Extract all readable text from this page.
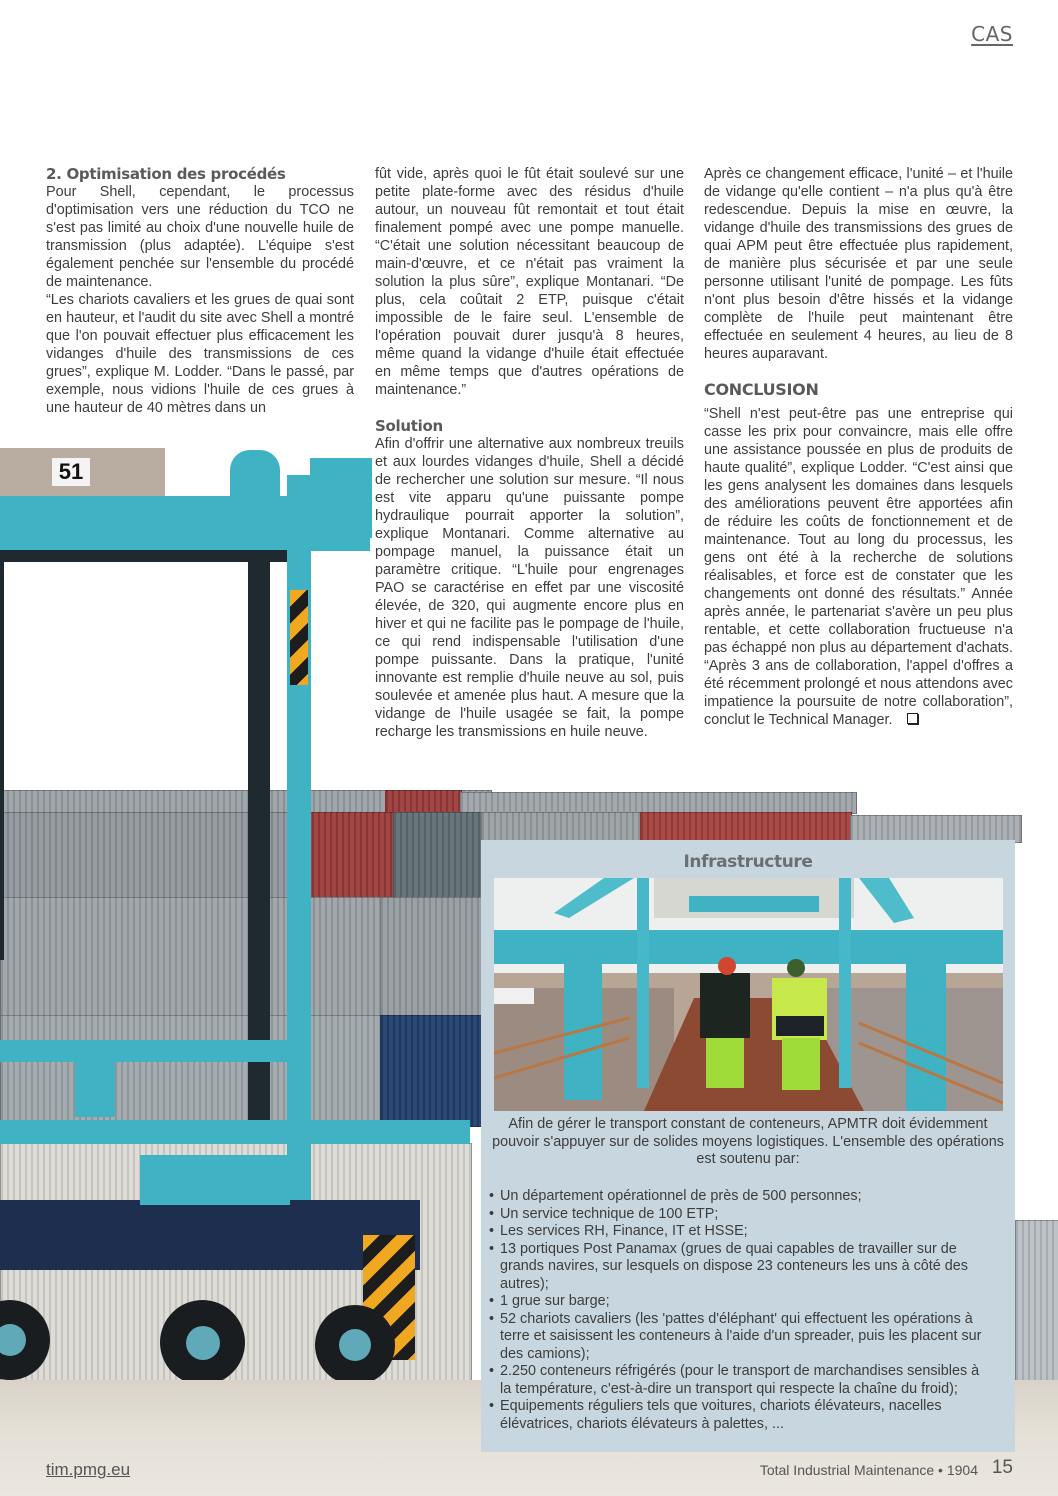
51
CAS

2. Optimisation des procédés

Pour Shell, cependant, le processus d'optimisation vers une réduction du TCO ne s'est pas limité au choix d'une nouvelle huile de transmission (plus adaptée). L'équipe s'est également penchée sur l'ensemble du procédé de maintenance.

“Les chariots cavaliers et les grues de quai sont en hauteur, et l'audit du site avec Shell a montré que l'on pouvait effectuer plus efficacement les vidanges d'huile des transmissions de ces grues”, explique M. Lodder. “Dans le passé, par exemple, nous vidions l'huile de ces grues à une hauteur de 40 mètres dans un

fût vide, après quoi le fût était soulevé sur une petite plate-forme avec des résidus d'huile autour, un nouveau fût remontait et tout était finalement pompé avec une pompe manuelle. “C'était une solution nécessitant beaucoup de main-d'œuvre, et ce n'était pas vraiment la solution la plus sûre”, explique Montanari. “De plus, cela coûtait 2 ETP, puisque c'était impossible de le faire seul. L'ensemble de l'opération pouvait durer jusqu'à 8 heures, même quand la vidange d'huile était effectuée en même temps que d'autres opérations de maintenance.”

Solution

Afin d'offrir une alternative aux nombreux treuils et aux lourdes vidanges d'huile, Shell a décidé de rechercher une solution sur mesure. “Il nous est vite apparu qu'une puissante pompe hydraulique pourrait apporter la solution”, explique Montanari. Comme alternative au pompage manuel, la puissance était un paramètre critique. “L'huile pour engrenages PAO se caractérise en effet par une viscosité élevée, de 320, qui augmente encore plus en hiver et qui ne facilite pas le pompage de l'huile, ce qui rend indispensable l'utilisation d'une pompe puissante. Dans la pratique, l'unité innovante est remplie d'huile neuve au sol, puis soulevée et amenée plus haut. A mesure que la vidange de l'huile usagée se fait, la pompe recharge les transmissions en huile neuve.

Après ce changement efficace, l'unité – et l'huile de vidange qu'elle contient – n'a plus qu'à être redescendue. Depuis la mise en œuvre, la vidange d'huile des transmissions des grues de quai APM peut être effectuée plus rapidement, de manière plus sécurisée et par une seule personne utilisant l'unité de pompage. Les fûts n'ont plus besoin d'être hissés et la vidange complète de l'huile peut maintenant être effectuée en seulement 4 heures, au lieu de 8 heures auparavant.

CONCLUSION

“Shell n'est peut-être pas une entreprise qui casse les prix pour convaincre, mais elle offre une assistance poussée en plus de produits de haute qualité”, explique Lodder. “C'est ainsi que les gens analysent les domaines dans lesquels des améliorations peuvent être apportées afin de réduire les coûts de fonctionnement et de maintenance. Tout au long du processus, les gens ont été à la recherche de solutions réalisables, et force est de constater que les changements ont donné des résultats.” Année après année, le partenariat s'avère un peu plus rentable, et cette collaboration fructueuse n'a pas échappé non plus au département d'achats. “Après 3 ans de collaboration, l'appel d'offres a été récemment prolongé et nous attendons avec impatience la poursuite de notre collaboration”, conclut le Technical Manager.

Infrastructure
Afin de gérer le transport constant de conteneurs, APMTR doit évidemment pouvoir s'appuyer sur de solides moyens logistiques. L'ensemble des opérations est soutenu par:
• Un département opérationnel de près de 500 personnes;
• Un service technique de 100 ETP;
• Les services RH, Finance, IT et HSSE;
• 13 portiques Post Panamax (grues de quai capables de travailler sur de grands navires, sur lesquels on dispose 23 conteneurs les uns à côté des autres);
• 1 grue sur barge;
• 52 chariots cavaliers (les 'pattes d'éléphant' qui effectuent les opérations à terre et saisissent les conteneurs à l'aide d'un spreader, puis les placent sur des camions);
• 2.250 conteneurs réfrigérés (pour le transport de marchandises sensibles à la température, c'est-à-dire un transport qui respecte la chaîne du froid);
• Equipements réguliers tels que voitures, chariots élévateurs, nacelles élévatrices, chariots élévateurs à palettes, ...
tim.pmg.eu	Total Industrial Maintenance • 1904 15
